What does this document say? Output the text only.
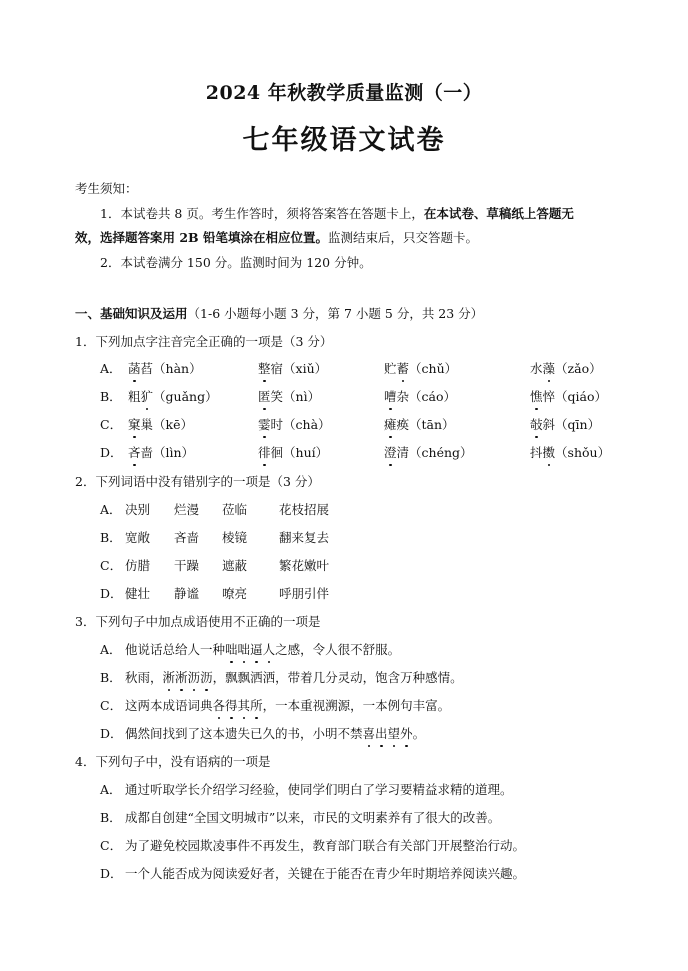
2024 年秋教学质量监测（一）
七年级语文试卷
考生须知：
1．本试卷共 8 页。考生作答时，须将答案答在答题卡上，在本试卷、草稿纸上答题无
效，选择题答案用 2B 铅笔填涂在相应位置。监测结束后，只交答题卡。
2．本试卷满分 150 分。监测时间为 120 分钟。
一、基础知识及运用（1-6 小题每小题 3 分，第 7 小题 5 分，共 23 分）
1．下列加点字注音完全正确的一项是（3 分）
A． 菡萏（hàn）	整宿（xiǔ）	贮蓄（chǔ）	水藻（zǎo）
B． 粗犷（guǎng）	匿笑（nì）	嘈杂（cáo）	憔悴（qiáo）
C． 窠巢（kē）	霎时（chà）	瘫痪（tān）	敧斜（qīn）
D． 吝啬（lìn）	徘徊（huí）	澄清（chéng）	抖擞（shǒu）
2．下列词语中没有错别字的一项是（3 分）
A． 决别 烂漫 莅临	花枝招展
B． 宽敞 吝啬 棱镜	翻来复去
C． 仿腊 干躁 遮蔽	繁花嫩叶
D． 健壮 静谧 嘹亮	呼朋引伴
3．下列句子中加点成语使用不正确的一项是
A． 他说话总给人一种咄咄逼人之感，令人很不舒服。
B． 秋雨，淅淅沥沥，飘飘洒洒，带着几分灵动，饱含万种感情。
C． 这两本成语词典各得其所，一本重视溯源，一本例句丰富。
D． 偶然间找到了这本遗失已久的书，小明不禁喜出望外。
4．下列句子中，没有语病的一项是
A． 通过听取学长介绍学习经验，使同学们明白了学习要精益求精的道理。
B． 成都自创建“全国文明城市”以来，市民的文明素养有了很大的改善。
C． 为了避免校园欺凌事件不再发生，教育部门联合有关部门开展整治行动。
D． 一个人能否成为阅读爱好者，关键在于能否在青少年时期培养阅读兴趣。
